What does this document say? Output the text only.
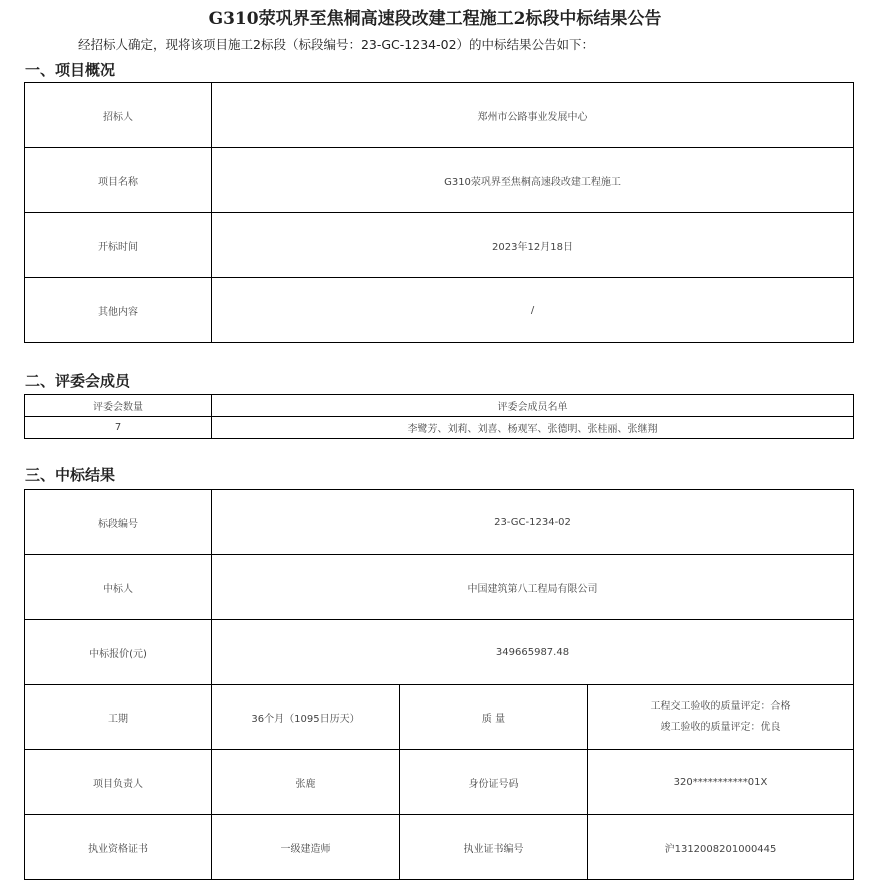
G310荥巩界至焦桐高速段改建工程施工2标段中标结果公告
经招标人确定，现将该项目施工2标段（标段编号：23-GC-1234-02）的中标结果公告如下：
一、项目概况
招标人	郑州市公路事业发展中心
项目名称	G310荥巩界至焦桐高速段改建工程施工
开标时间	2023年12月18日
其他内容	/
二、评委会成员
评委会数量	评委会成员名单
7	李鹭芳、刘莉、刘喜、杨观军、张德明、张桂丽、张继翔
三、中标结果
标段编号	23-GC-1234-02		
中标人	中国建筑第八工程局有限公司		
中标报价(元)	349665987.48		
工期	36个月（1095日历天）	质 量	工程交工验收的质量评定：合格
竣工验收的质量评定：优良

项目负责人	张鹿	身份证号码	320***********01X
执业资格证书	一级建造师	执业证书编号	沪1312008201000445
